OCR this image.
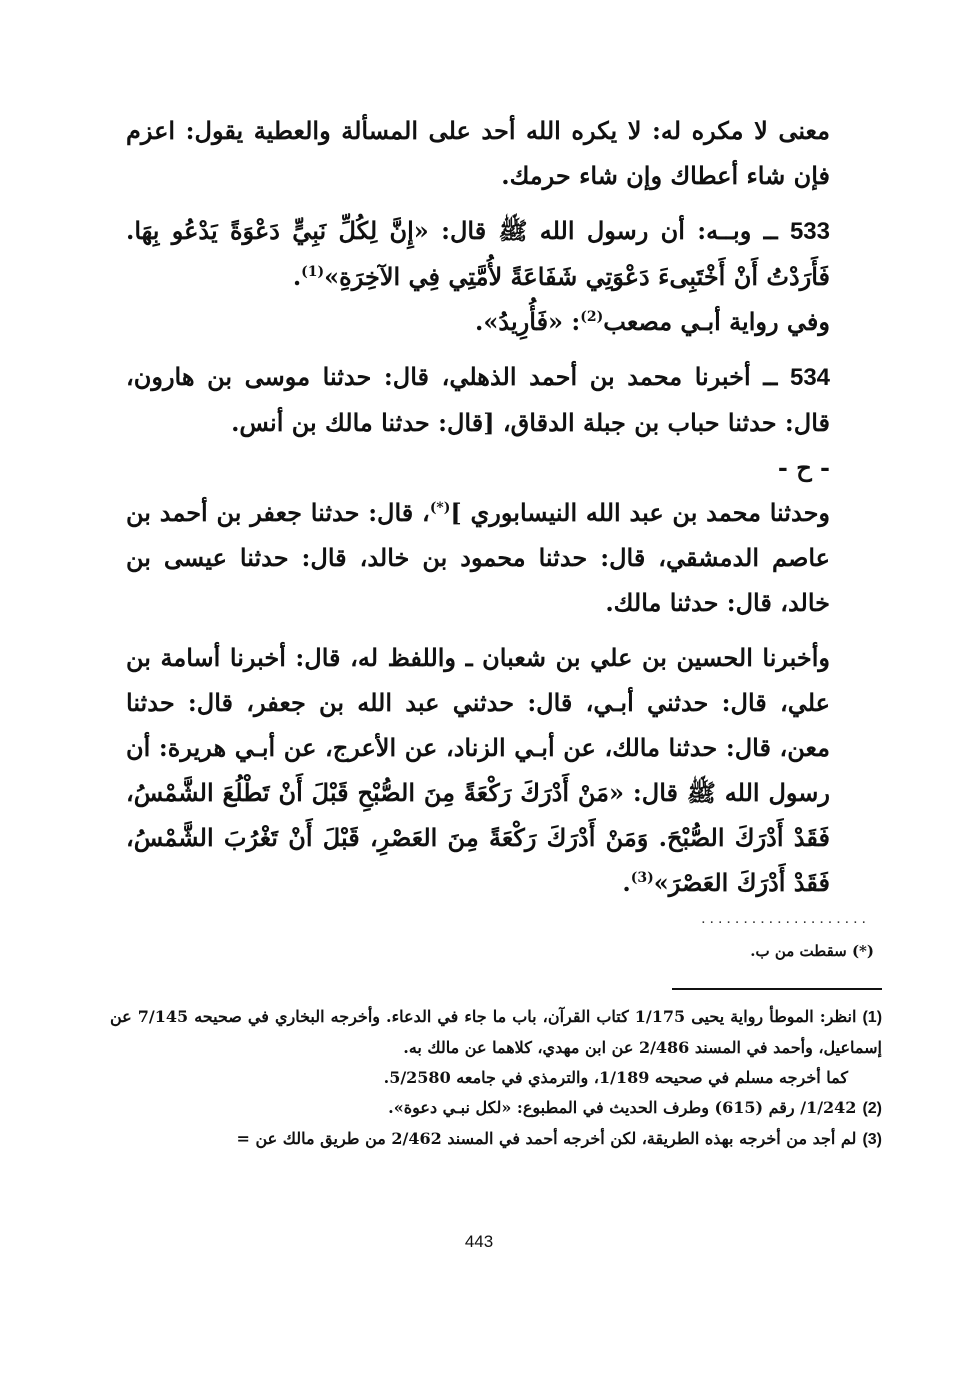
معنى لا مكره له: لا يكره الله أحد على المسألة والعطية يقول: اعزم فإن شاء أعطاك وإن شاء حرمك.

533 ــ وبــه: أن رسول الله ﷺ قال: «إِنَّ لِكُلِّ نَبِيٍّ دَعْوَةً يَدْعُو بِهَا. فَأَرَدْتُ أَنْ أَخْتَبِىءَ دَعْوَتِي شَفَاعَةً لأُمَّتِي فِي الآخِرَةِ»$^{(1)}$.

وفي رواية أبـي مصعب$^{(2)}$: «فَأُرِيدُ».

534 ــ أخبرنا محمد بن أحمد الذهلي، قال: حدثنا موسى بن هارون، قال: حدثنا حباب بن جبلة الدقاق، [قال: حدثنا مالك بن أنس.

- ح -

وحدثنا محمد بن عبد الله النيسابوري ](*)، قال: حدثنا جعفر بن أحمد بن عاصم الدمشقي، قال: حدثنا محمود بن خالد، قال: حدثنا عيسى بن خالد، قال: حدثنا مالك.

وأخبرنا الحسين بن علي بن شعبان ـ واللفظ له، قال: أخبرنا أسامة بن علي، قال: حدثني أبـي، قال: حدثني عبد الله بن جعفر، قال: حدثنا معن، قال: حدثنا مالك، عن أبـي الزناد، عن الأعرج، عن أبـي هريرة: أن رسول الله ﷺ قال: «مَنْ أَدْرَكَ رَكْعَةً مِنَ الصُّبْحِ قَبْلَ أَنْ تَطْلُعَ الشَّمْسُ، فَقَدْ أَدْرَكَ الصُّبْحَ. وَمَنْ أَدْرَكَ رَكْعَةً مِنَ العَصْرِ، قَبْلَ أَنْ تَغْرُبَ الشَّمْسُ، فَقَدْ أَدْرَكَ العَصْرَ»$^{(3)}$.

....................
(*) سقطت من ب.

(1)انظر: الموطأ رواية يحيى 1/175 كتاب القرآن، باب ما جاء في الدعاء. وأخرجه البخاري في صحيحه 7/145 عن إسماعيل، وأحمد في المسند 2/486 عن ابن مهدي، كلاهما عن مالك به.

كما أخرجه مسلم في صحيحه 1/189، والترمذي في جامعه 5/2580.

(2)1/242/ رقم (615) وطرف الحديث في المطبوع: «لكل نبـي دعوة».

(3)لم أجد من أخرجه بهذه الطريقة، لكن أخرجه أحمد في المسند 2/462 من طريق مالك عن =

443
